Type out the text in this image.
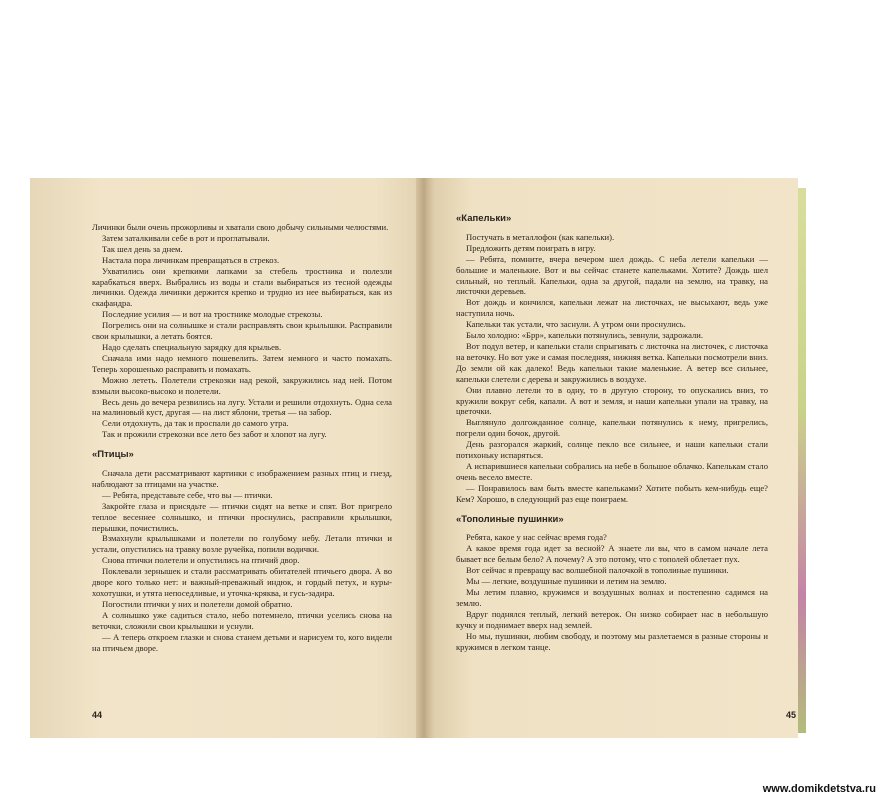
Личинки были очень прожорливы и хватали свою добычу сильными челюстями.

Затем заталкивали себе в рот и проглатывали.

Так шел день за днем.

Настала пора личинкам превращаться в стрекоз.

Ухватились они крепкими лапками за стебель тростника и полезли карабкаться вверх. Выбрались из воды и стали выбираться из тесной одежды личинки. Одежда личинки держится крепко и трудно из нее выбираться, как из скафандра.

Последние усилия — и вот на тростнике молодые стрекозы.

Погрелись они на солнышке и стали расправлять свои крылышки. Расправили свои крылышки, а летать боятся.

Надо сделать специальную зарядку для крыльев.

Сначала ими надо немного пошевелить. Затем немного и часто помахать. Теперь хорошенько расправить и помахать.

Можно лететь. Полетели стрекозки над рекой, закружились над ней. Потом взмыли высоко-высоко и полетели.

Весь день до вечера резвились на лугу. Устали и решили отдохнуть. Одна села на малиновый куст, другая — на лист яблони, третья — на забор.

Сели отдохнуть, да так и проспали до самого утра.

Так и прожили стрекозки все лето без забот и хлопот на лугу.

«Птицы»

Сначала дети рассматривают картинки с изображением разных птиц и гнезд, наблюдают за птицами на участке.

— Ребята, представьте себе, что вы — птички.

Закройте глаза и присядьте — птички сидят на ветке и спят. Вот пригрело теплое весеннее солнышко, и птички проснулись, расправили крылышки, перышки, почистились.

Взмахнули крылышками и полетели по голубому небу. Летали птички и устали, опустились на травку возле ручейка, попили водички.

Снова птички полетели и опустились на птичий двор.

Поклевали зернышек и стали рассматривать обитателей птичьего двора. А во дворе кого только нет: и важный-преважный индюк, и гордый петух, и куры-хохотушки, и утята непоседливые, и уточка-кряква, и гусь-задира.

Погостили птички у них и полетели домой обратно.

А солнышко уже садиться стало, небо потемнело, птички уселись снова на веточки, сложили свои крылышки и уснули.

— А теперь откроем глазки и снова станем детьми и нарисуем то, кого видели на птичьем дворе.

44
«Капельки»

Постучать в металлофон (как капельки).

Предложить детям поиграть в игру.

— Ребята, помните, вчера вечером шел дождь. С неба летели капельки — большие и маленькие. Вот и вы сейчас станете капельками. Хотите? Дождь шел сильный, но теплый. Капельки, одна за другой, падали на землю, на травку, на листочки деревьев.

Вот дождь и кончился, капельки лежат на листочках, не высыхают, ведь уже наступила ночь.

Капельки так устали, что заснули. А утром они проснулись.

Было холодно: «Брр», капельки потянулись, зевнули, задрожали.

Вот подул ветер, и капельки стали спрыгивать с листочка на листочек, с листочка на веточку. Но вот уже и самая последняя, нижняя ветка. Капельки посмотрели вниз. До земли ой как далеко! Ведь капельки такие маленькие. А ветер все сильнее, капельки слетели с дерева и закружились в воздухе.

Они плавно летели то в одну, то в другую сторону, то опускались вниз, то кружили вокруг себя, капали. А вот и земля, и наши капельки упали на травку, на цветочки.

Выглянуло долгожданное солнце, капельки потянулись к нему, пригрелись, погрели один бочок, другой.

День разгорался жаркий, солнце пекло все сильнее, и наши капельки стали потихоньку испаряться.

А испарившиеся капельки собрались на небе в большое облачко. Капелькам стало очень весело вместе.

— Понравилось вам быть вместе капельками? Хотите побыть кем-нибудь еще? Кем? Хорошо, в следующий раз еще поиграем.

«Тополиные пушинки»

Ребята, какое у нас сейчас время года?

А какое время года идет за весной? А знаете ли вы, что в самом начале лета бывает все белым бело? А почему? А это потому, что с тополей облетает пух.

Вот сейчас я превращу вас волшебной палочкой в тополиные пушинки.

Мы — легкие, воздушные пушинки и летим на землю.

Мы летим плавно, кружимся и воздушных волнах и постепенно садимся на землю.

Вдруг поднялся теплый, легкий ветерок. Он низко собирает нас в небольшую кучку и поднимает вверх над землей.

Но мы, пушинки, любим свободу, и поэтому мы разлетаемся в разные стороны и кружимся в легком танце.

45
www.domikdetstva.ru
